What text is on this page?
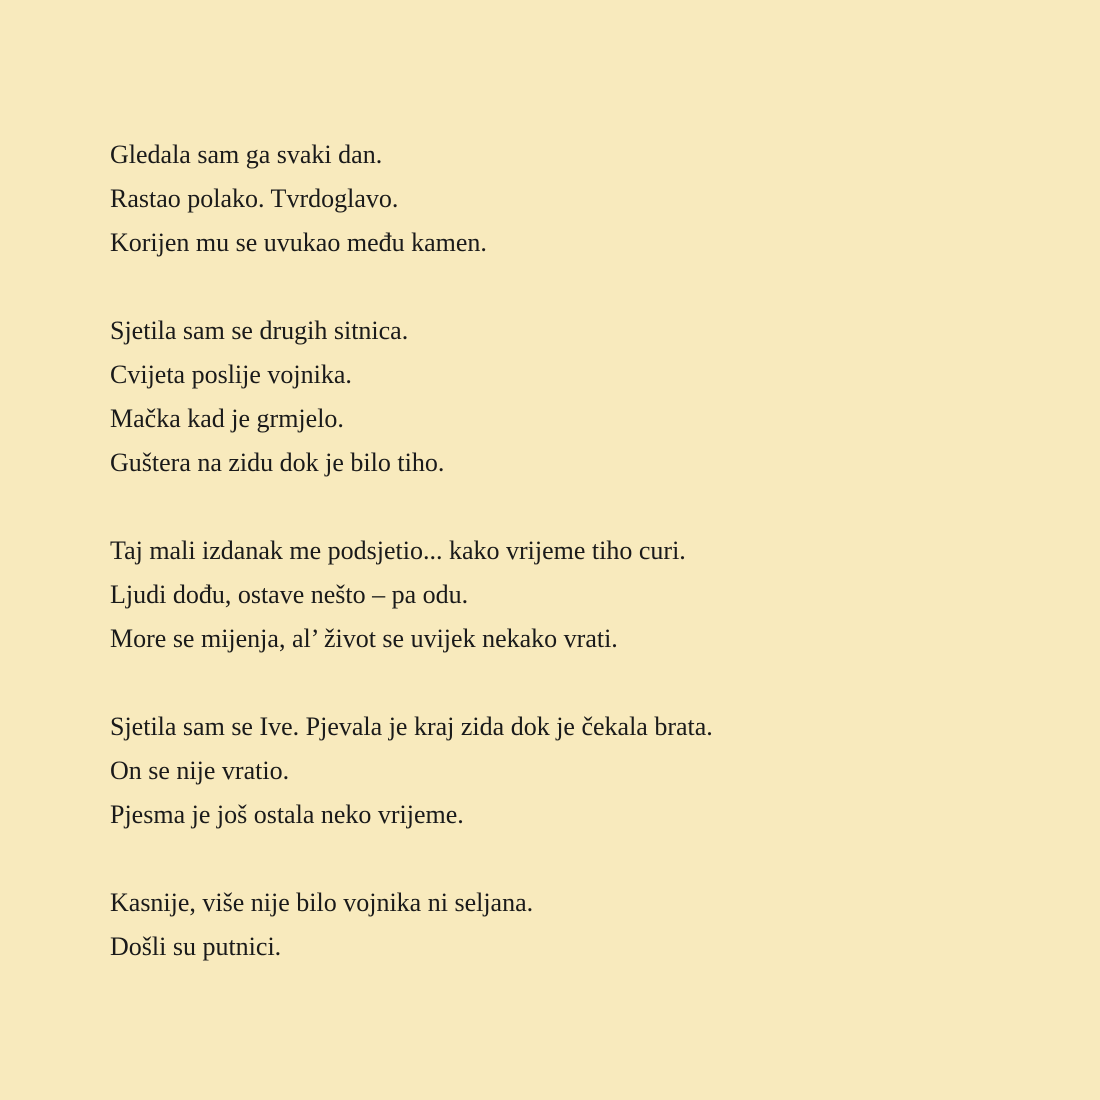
Gledala sam ga svaki dan.
Rastao polako. Tvrdoglavo.
Korijen mu se uvukao među kamen.
Sjetila sam se drugih sitnica.
Cvijeta poslije vojnika.
Mačka kad je grmjelo.
Guštera na zidu dok je bilo tiho.
Taj mali izdanak me podsjetio... kako vrijeme tiho curi.
Ljudi dođu, ostave nešto – pa odu.
More se mijenja, al’ život se uvijek nekako vrati.
Sjetila sam se Ive. Pjevala je kraj zida dok je čekala brata.
On se nije vratio.
Pjesma je još ostala neko vrijeme.
Kasnije, više nije bilo vojnika ni seljana.
Došli su putnici.
